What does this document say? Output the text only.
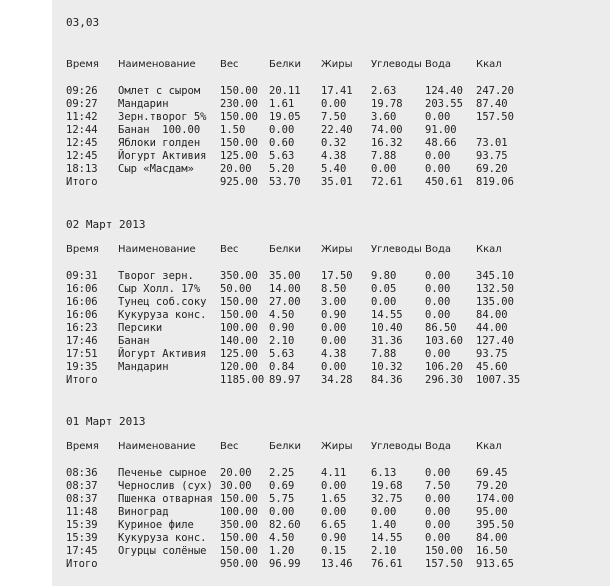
03,03
Время Наименование Вес	Белки Жиры Углеводы Вода Ккал
09:26 Омлет с сыром 150.00 20.11 17.41 2.63	124.40 247.20
09:27 Мандарин	230.00 1.61	0.00 19.78 203.55 87.40
11:42 Зерн.творог 5% 150.00 19.05 7.50 3.60	0.00 157.50
12:44 Банан  100.00 1.50 0.00	22.40 74.00 91.00
12:45 Яблоки голден 150.00 0.60	0.32 16.32 48.66 73.01
12:45 Йогурт Активия 125.00 5.63	4.38 7.88	0.00 93.75
18:13 Сыр «Масдам» 20.00 5.20	5.40 0.00	0.00 69.20
Итого	925.00 53.70 35.01 72.61 450.61 819.06
02 Март 2013
Время Наименование Вес	Белки Жиры Углеводы Вода Ккал
09:31 Творог зерн. 350.00 35.00 17.50 9.80	0.00 345.10
16:06 Сыр Холл. 17% 50.00 14.00 8.50 0.05	0.00 132.50
16:06 Тунец соб.соку 150.00 27.00 3.00 0.00	0.00 135.00
16:06 Кукуруза конс. 150.00 4.50	0.90 14.55 0.00 84.00
16:23 Персики	100.00 0.90	0.00 10.40 86.50 44.00
17:46 Банан	140.00 2.10	0.00 31.36 103.60 127.40
17:51 Йогурт Активия 125.00 5.63	4.38 7.88	0.00 93.75
19:35 Мандарин	120.00 0.84	0.00 10.32 106.20 45.60
Итого	1185.00 89.97 34.28 84.36 296.30 1007.35
01 Март 2013
Время Наименование Вес	Белки Жиры Углеводы Вода Ккал
08:36 Печенье сырное 20.00 2.25	4.11 6.13	0.00 69.45
08:37 Чернослив (сух) 30.00 0.69	0.00 19.68 7.50 79.20
08:37 Пшенка отварная 150.00 5.75	1.65 32.75 0.00 174.00
11:48 Виноград	100.00 0.00	0.00 0.00	0.00 95.00
15:39 Куриное филе 350.00 82.60 6.65 1.40	0.00 395.50
15:39 Кукуруза конс. 150.00 4.50	0.90 14.55 0.00 84.00
17:45 Огурцы солёные 150.00 1.20	0.15 2.10	150.00 16.50
Итого	950.00 96.99 13.46 76.61 157.50 913.65
